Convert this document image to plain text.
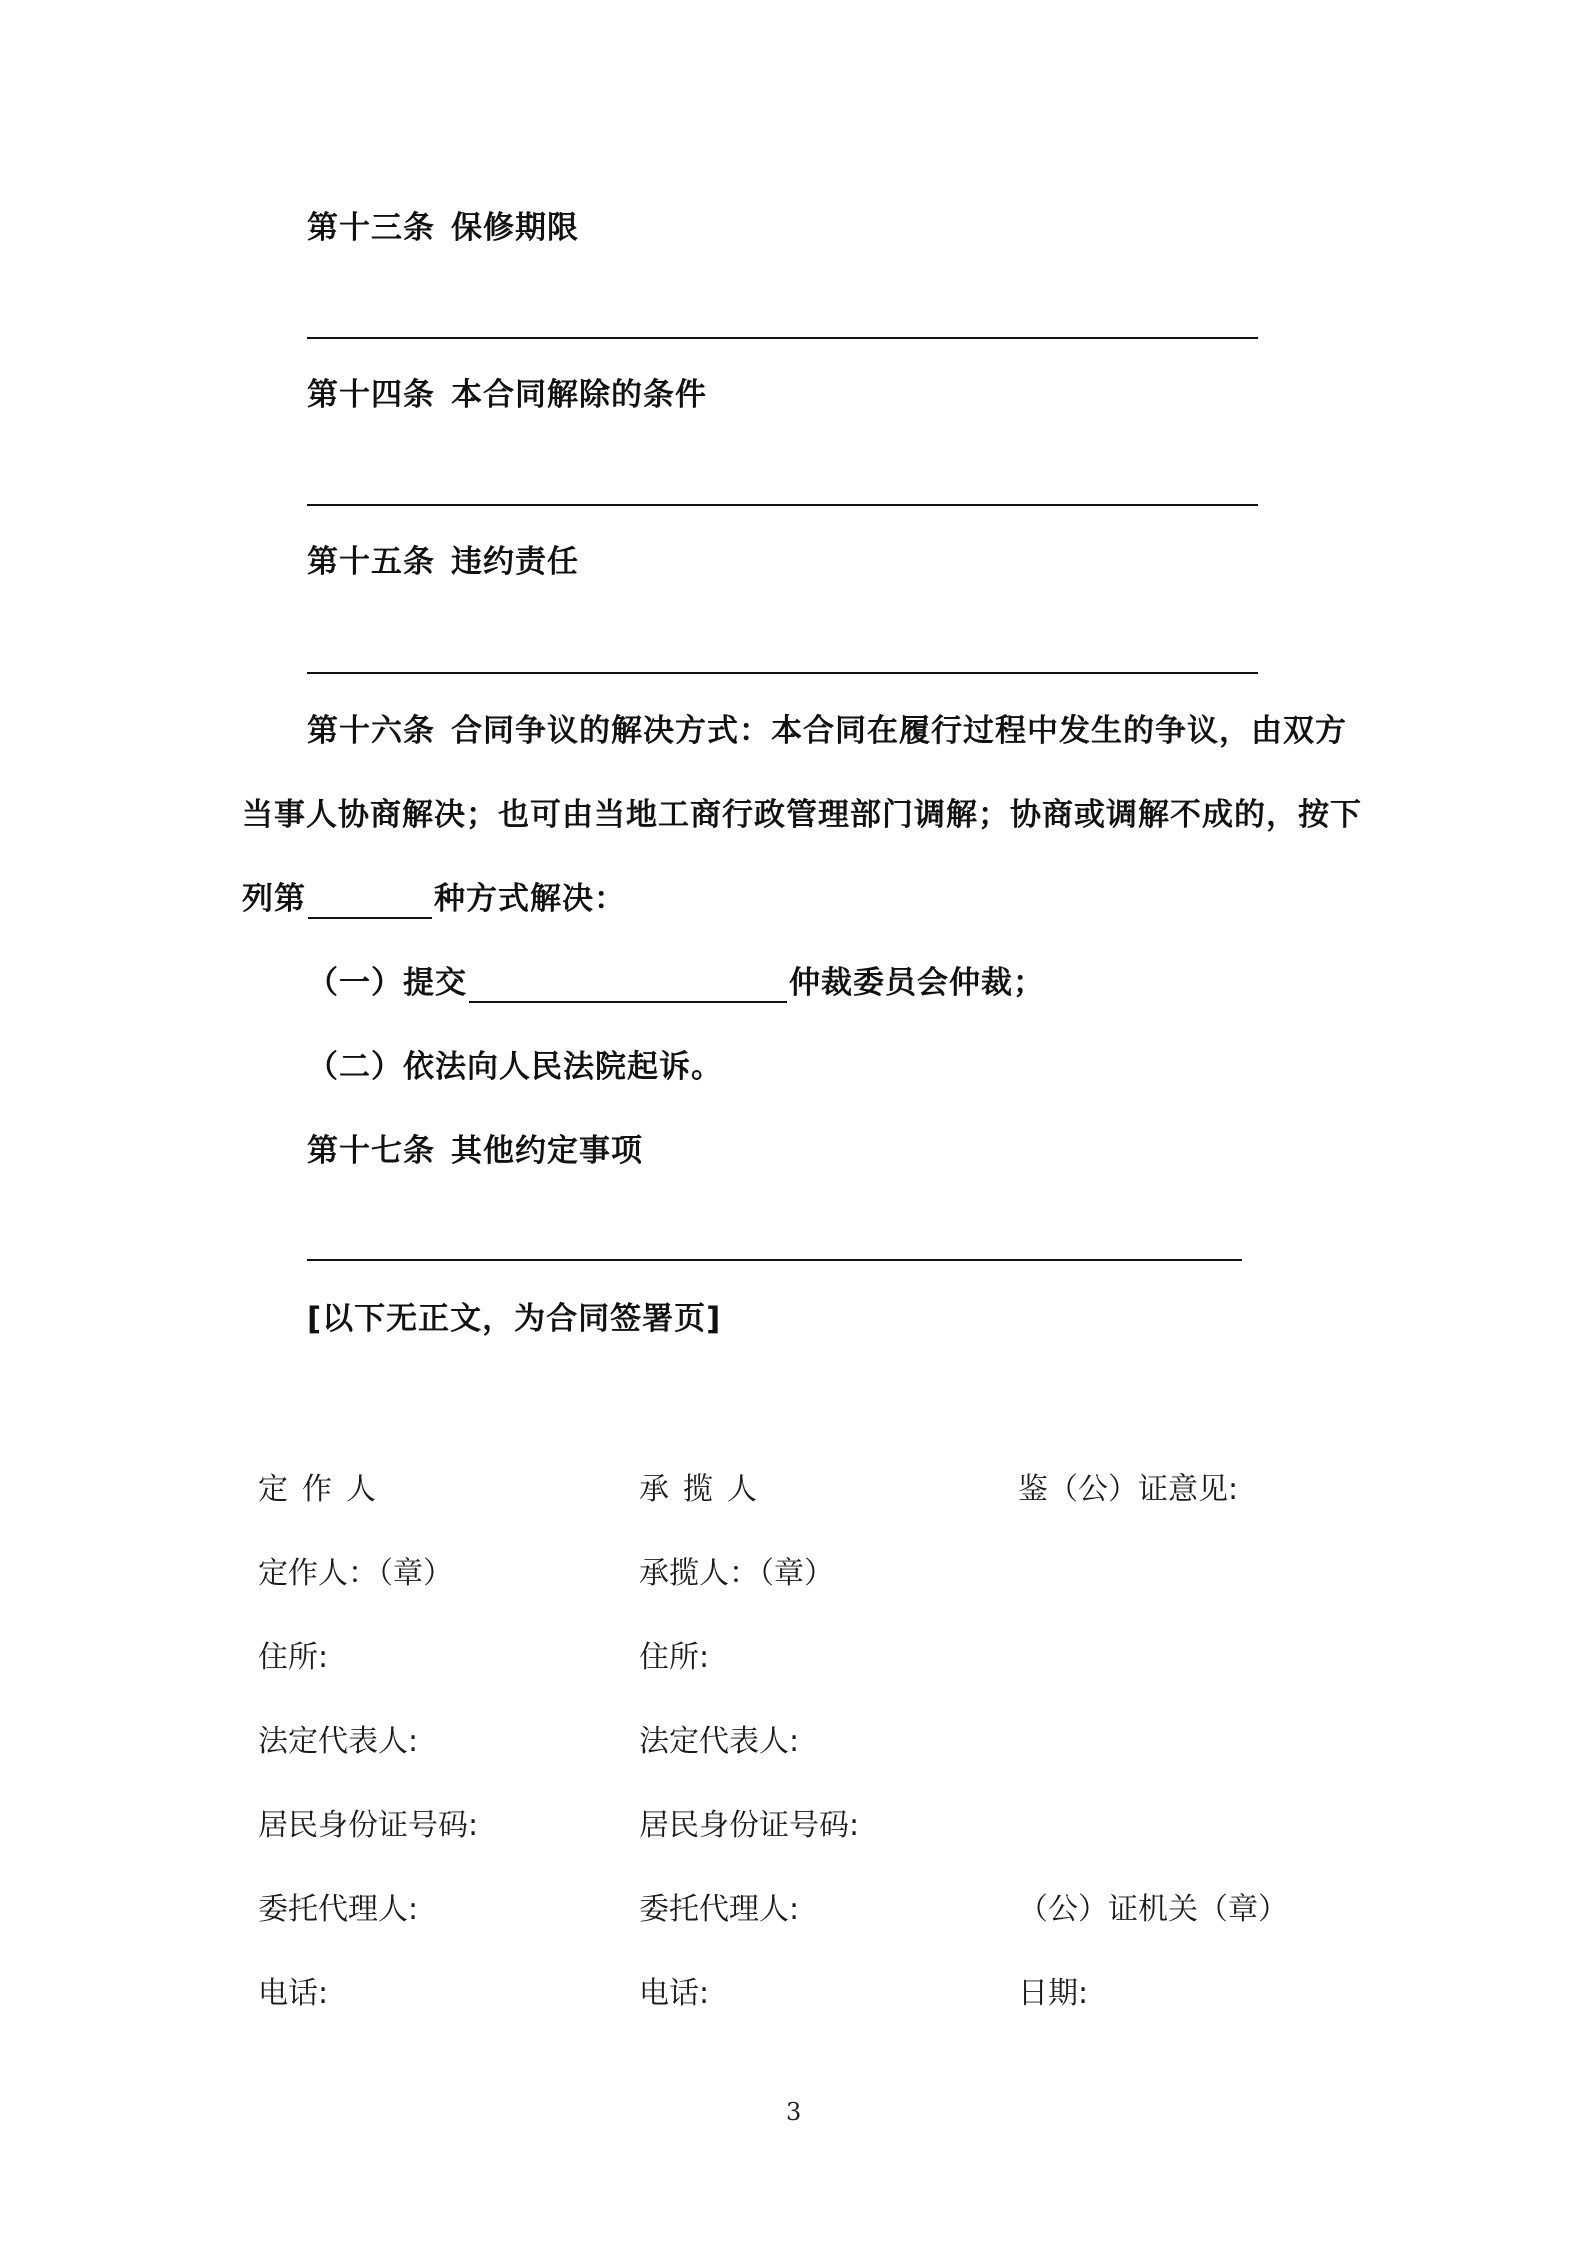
第十三条 保修期限
第十四条 本合同解除的条件
第十五条 违约责任
第十六条 合同争议的解决方式：本合同在履行过程中发生的争议，由双方
当事人协商解决；也可由当地工商行政管理部门调解；协商或调解不成的，按下
列第	种方式解决：
（一）提交	仲裁委员会仲裁；
（二）依法向人民法院起诉。
第十七条 其他约定事项
[以下无正文，为合同签署页]
定作人
定作人：（章）
住所:
法定代表人:
居民身份证号码:
委托代理人:
电话:
承揽人
承揽人：（章）
住所:
法定代表人:
居民身份证号码:
委托代理人:
电话:
鉴（公）证意见:
（公）证机关（章）
日期:
3
